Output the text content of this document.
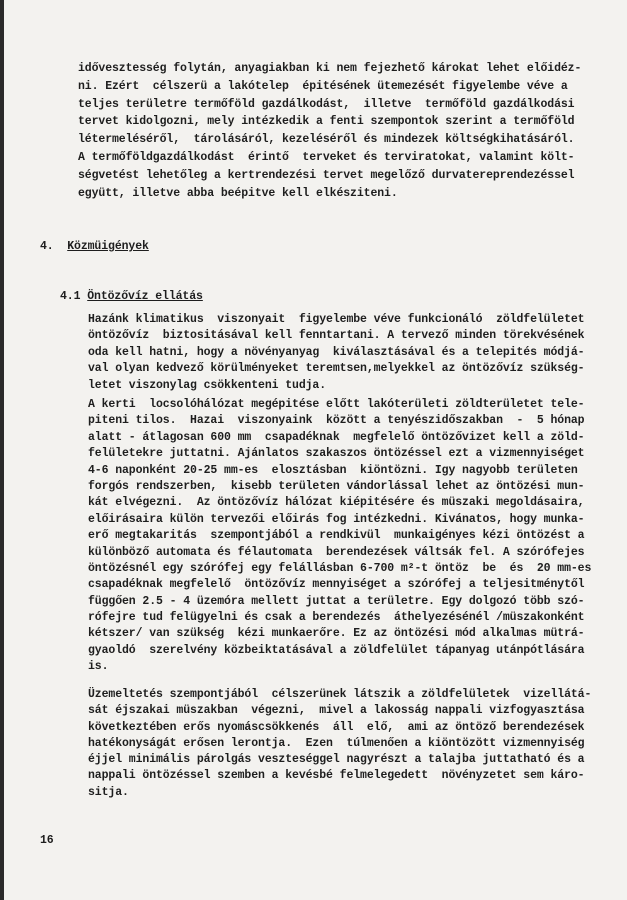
idővesztesség folytán, anyagiakban ki nem fejezhető károkat lehet előidéz-
ni. Ezért  célszerü a lakótelep  épitésének ütemezését figyelembe véve a
teljes területre termőföld gazdálkodást,  illetve  termőföld gazdálkodási
tervet kidolgozni, mely intézkedik a fenti szempontok szerint a termőföld
létermeléséről,  tárolásáról, kezeléséről és mindezek költségkihatásáról.
A termőföldgazdálkodást  érintő  terveket és terviratokat, valamint költ-
ségvetést lehetőleg a kertrendezési tervet megelőző durvatereprendezéssel
együtt, illetve abba beépitve kell elkésziteni.
4. Közmüigények
4.1 Öntözővíz ellátás
Hazánk klimatikus  viszonyait  figyelembe véve funkcionáló  zöldfelületet
öntözővíz  biztositásával kell fenntartani. A tervező minden törekvésének
oda kell hatni, hogy a növényanyag  kiválasztásával és a telepités módjá-
val olyan kedvező körülményeket teremtsen,melyekkel az öntözővíz szükség-
letet viszonylag csökkenteni tudja.
A kerti  locsolóhálózat megépitése előtt lakóterületi zöldterületet tele-
piteni tilos.  Hazai  viszonyaink  között a tenyészidőszakban  -  5 hónap
alatt - átlagosan 600 mm  csapadéknak  megfelelő öntözővizet kell a zöld-
felületekre juttatni. Ajánlatos szakaszos öntözéssel ezt a vizmennyiséget
4-6 naponként 20-25 mm-es  elosztásban  kiöntözni. Igy nagyobb területen
forgós rendszerben,  kisebb területen vándorlással lehet az öntözési mun-
kát elvégezni.  Az öntözővíz hálózat kiépitésére és müszaki megoldásaira,
előirásaira külön tervezői előirás fog intézkedni. Kivánatos, hogy munka-
erő megtakaritás  szempontjából a rendkivül  munkaigényes kézi öntözést a
különböző automata és félautomata  berendezések váltsák fel. A szórófejes
öntözésnél egy szórófej egy felállásban 6-700 m²-t öntöz  be  és  20 mm-es
csapadéknak megfelelő  öntözővíz mennyiséget a szórófej a teljesitménytől
függően 2.5 - 4 üzemóra mellett juttat a területre. Egy dolgozó több szó-
rófejre tud felügyelni és csak a berendezés  áthelyezésénél /müszakonként
kétszer/ van szükség  kézi munkaerőre. Ez az öntözési mód alkalmas mütrá-
gyaoldó  szerelvény közbeiktatásával a zöldfelület tápanyag utánpótlására
is.
Üzemeltetés szempontjából  célszerünek látszik a zöldfelületek  vizellátá-
sát éjszakai müszakban  végezni,  mivel a lakosság nappali vizfogyasztása
következtében erős nyomáscsökkenés  áll  elő,  ami az öntöző berendezések
hatékonyságát erősen lerontja.  Ezen  túlmenően a kiöntözött vizmennyiség
éjjel minimális párolgás veszteséggel nagyrészt a talajba juttatható és a
nappali öntözéssel szemben a kevésbé felmelegedett  növényzetet sem káro-
sitja.
16
